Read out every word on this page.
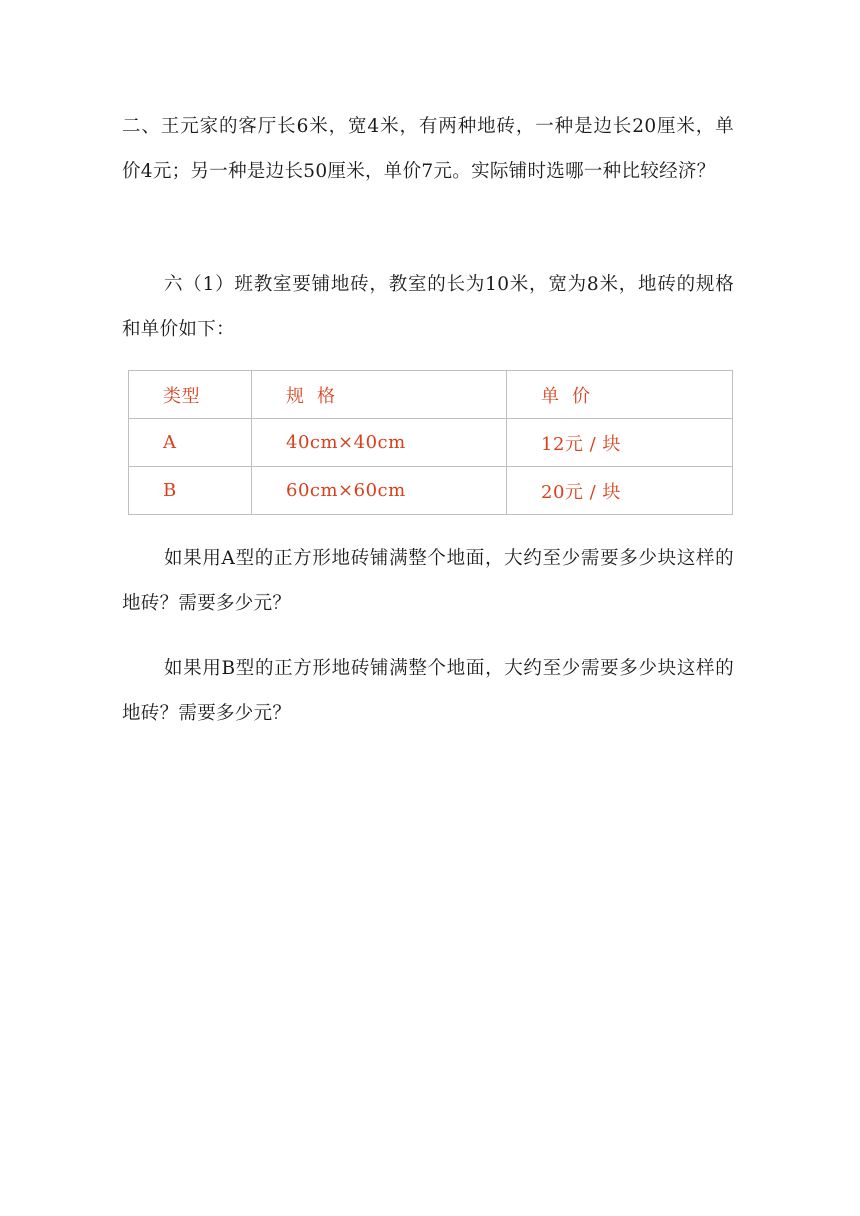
二、王元家的客厅长6米，宽4米，有两种地砖，一种是边长20厘米，单价4元；另一种是边长50厘米，单价7元。实际铺时选哪一种比较经济？

六（1）班教室要铺地砖，教室的长为10米，宽为8米，地砖的规格和单价如下：

类型	规  格	单  价
A	40cm×40cm	12元 / 块
B	60cm×60cm	20元 / 块

如果用A型的正方形地砖铺满整个地面，大约至少需要多少块这样的地砖？需要多少元？

如果用B型的正方形地砖铺满整个地面，大约至少需要多少块这样的地砖？需要多少元？
